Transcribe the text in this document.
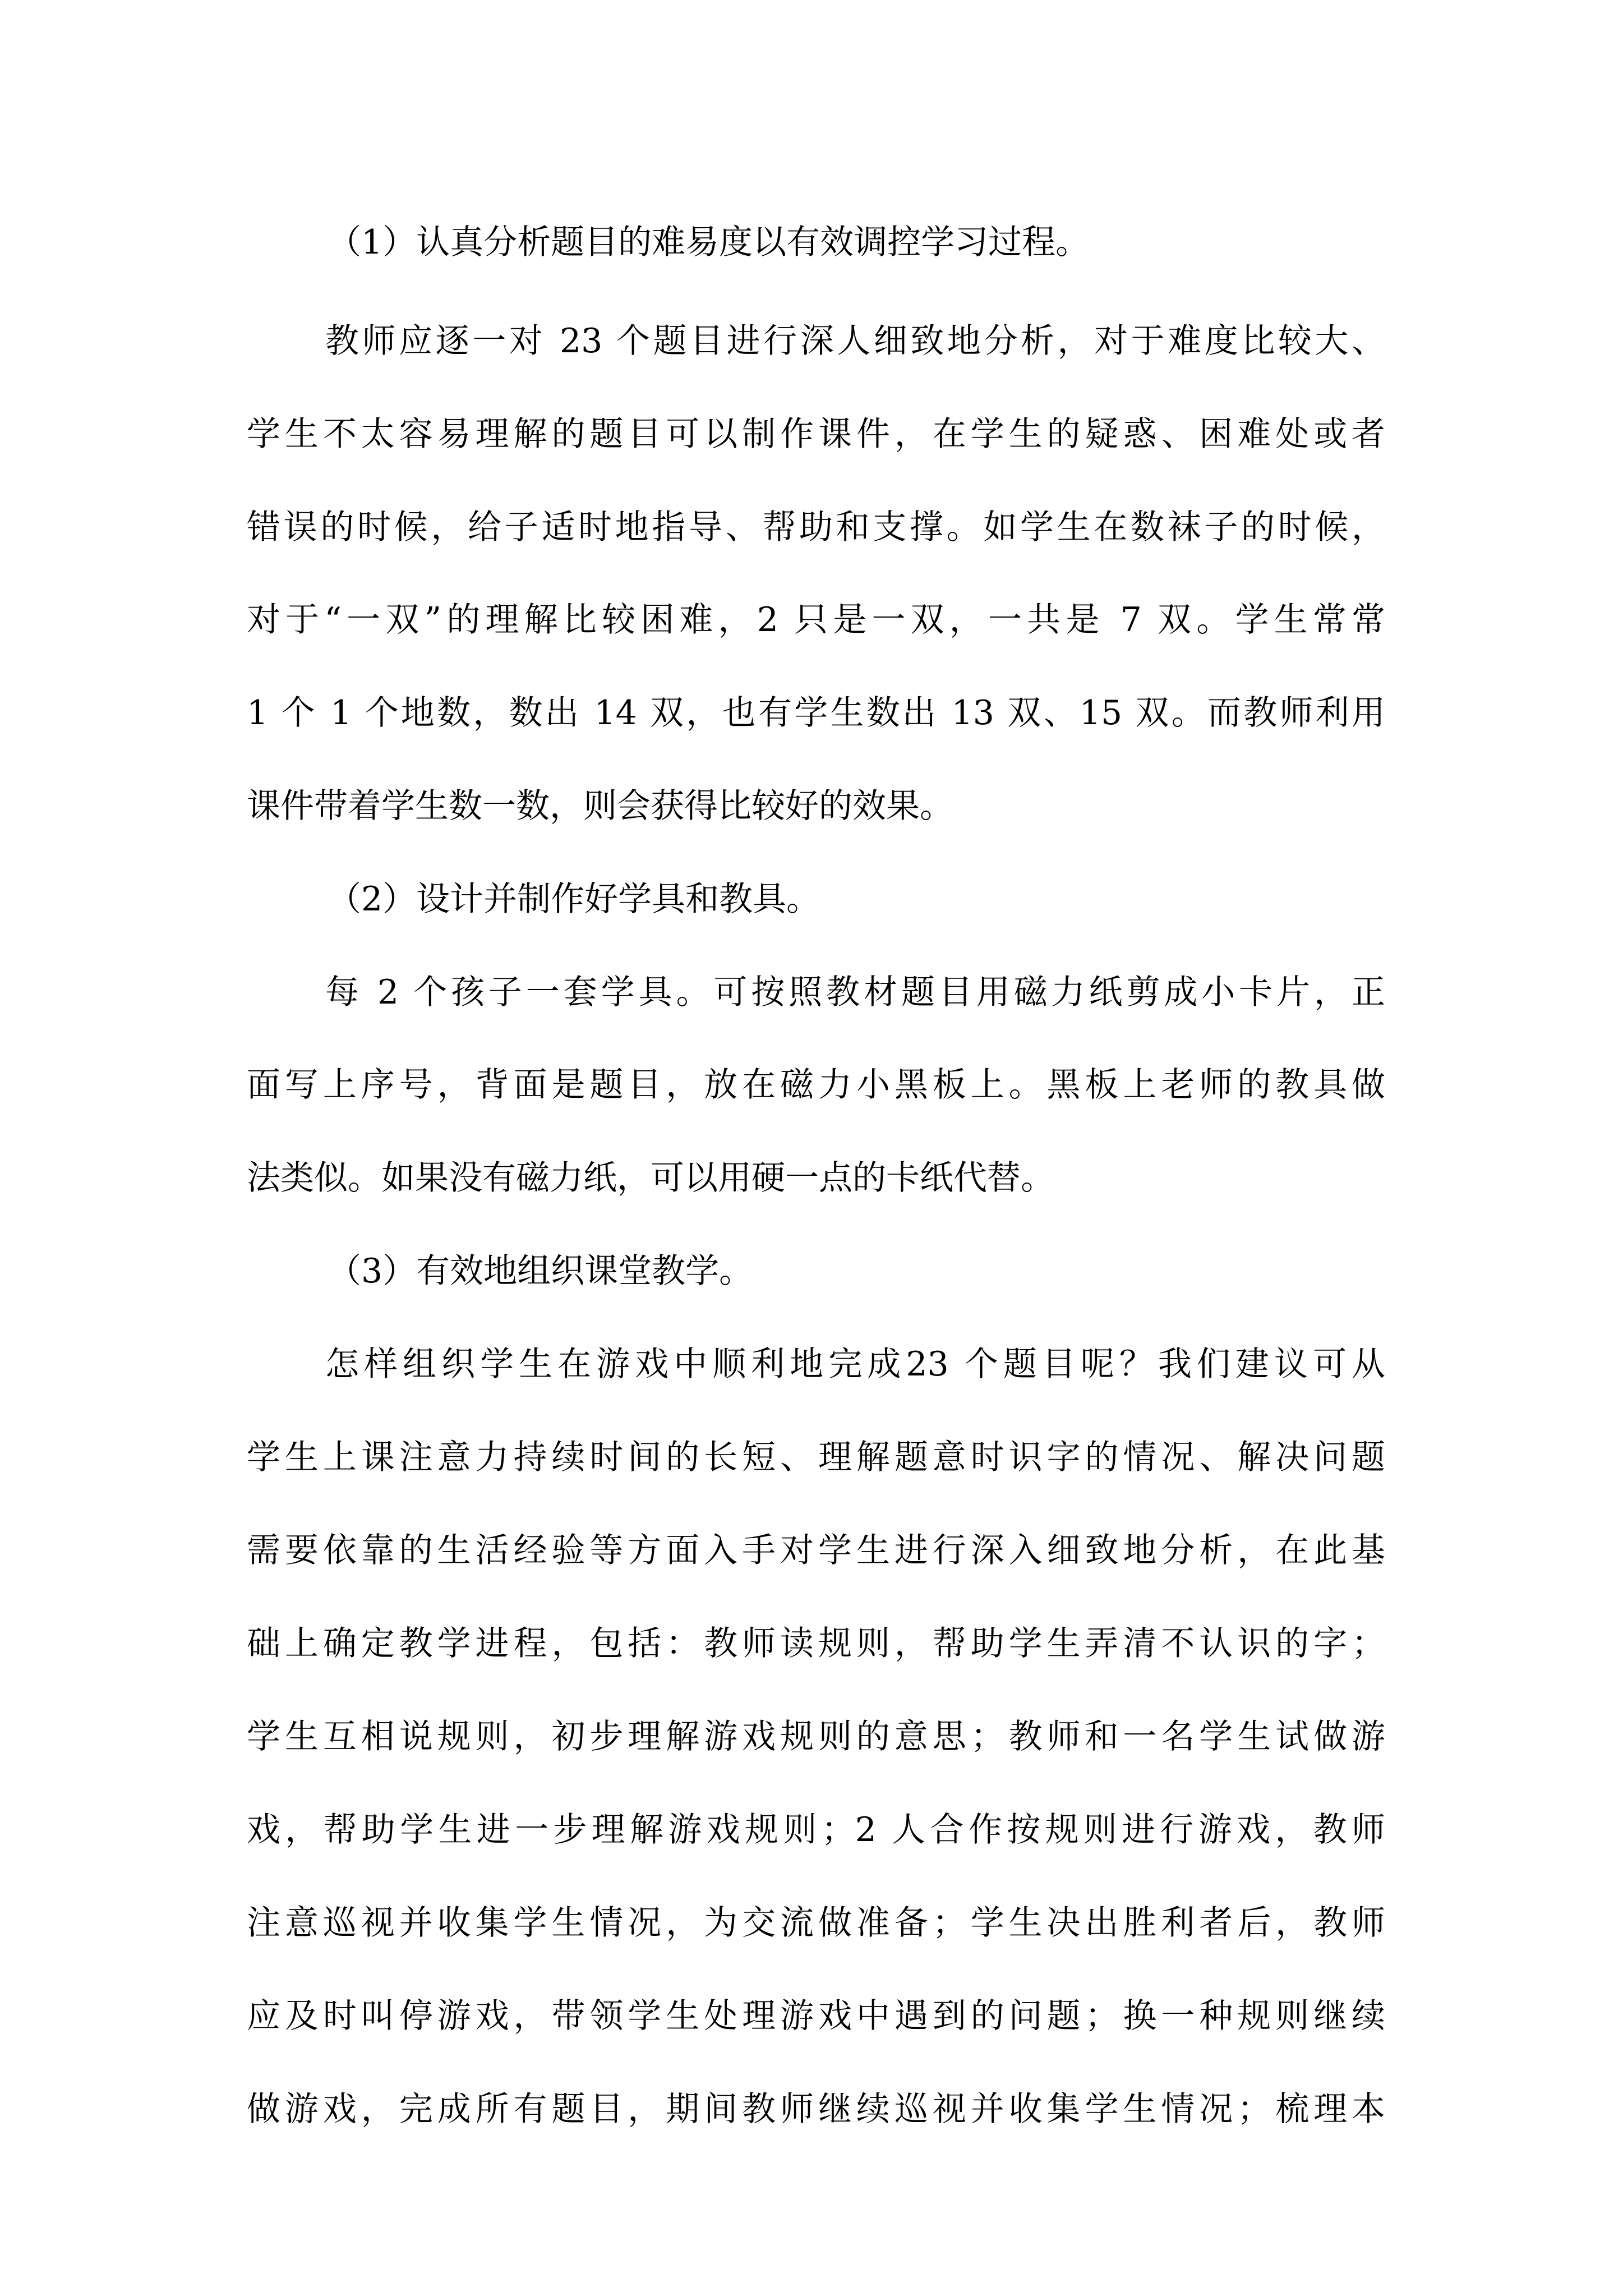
（1）认真分析题目的难易度以有效调控学习过程。
教师应逐一对 23 个题目进行深人细致地分析，对于难度比较大、
学生不太容易理解的题目可以制作课件，在学生的疑惑、困难处或者
错误的时候，给子适时地指导、帮助和支撑。如学生在数袜子的时候，
对于“一双”的理解比较困难，2 只是一双，一共是 7 双。学生常常
1 个 1 个地数，数出 14 双，也有学生数出 13 双、15 双。而教师利用
课件带着学生数一数，则会获得比较好的效果。
（2）设计并制作好学具和教具。
每 2 个孩子一套学具。可按照教材题目用磁力纸剪成小卡片，正
面写上序号，背面是题目，放在磁力小黑板上。黑板上老师的教具做
法类似。如果没有磁力纸，可以用硬一点的卡纸代替。
（3）有效地组织课堂教学。
怎样组织学生在游戏中顺利地完成23 个题目呢？我们建议可从
学生上课注意力持续时间的长短、理解题意时识字的情况、解决问题
需要依靠的生活经验等方面入手对学生进行深入细致地分析，在此基
础上确定教学进程，包括：教师读规则，帮助学生弄清不认识的字；
学生互相说规则，初步理解游戏规则的意思；教师和一名学生试做游
戏，帮助学生进一步理解游戏规则；2 人合作按规则进行游戏，教师
注意巡视并收集学生情况，为交流做准备；学生决出胜利者后，教师
应及时叫停游戏，带领学生处理游戏中遇到的问题；换一种规则继续
做游戏，完成所有题目，期间教师继续巡视并收集学生情况；梳理本
